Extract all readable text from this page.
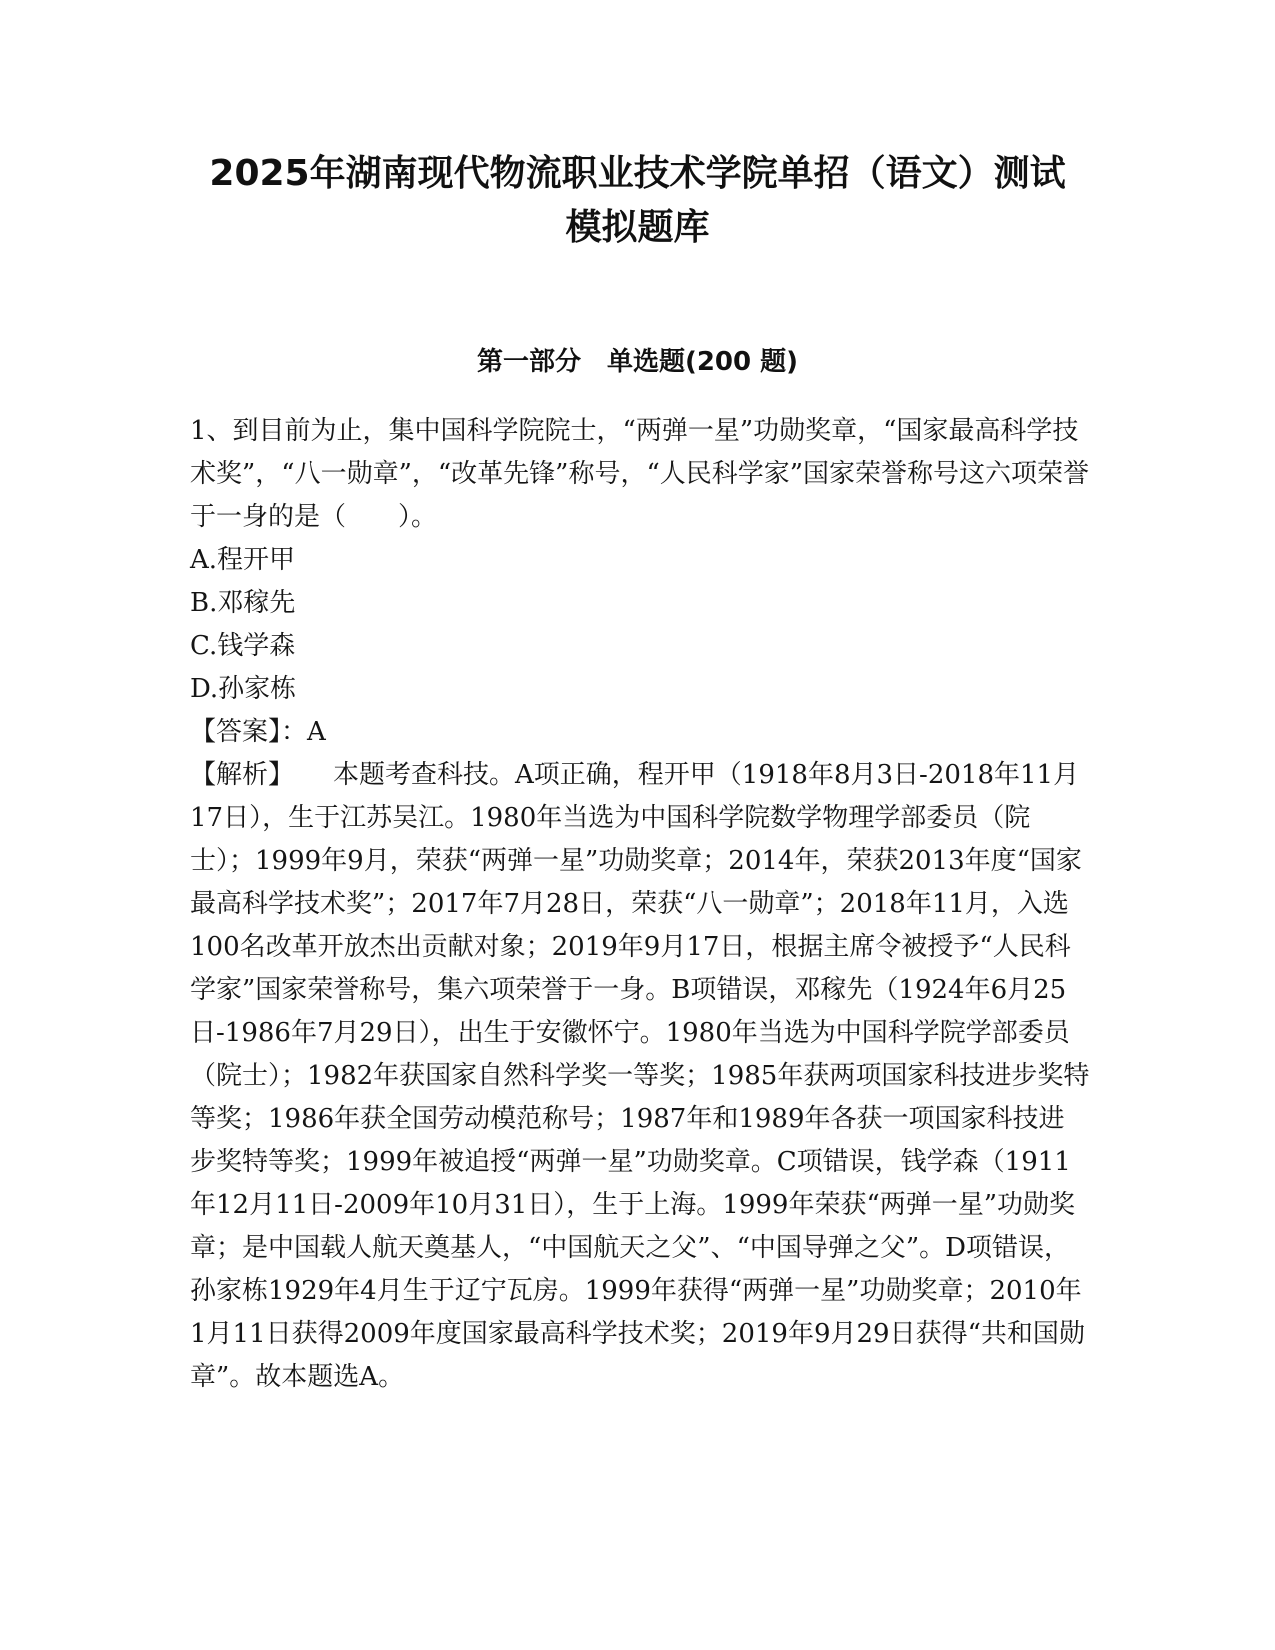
2025年湖南现代物流职业技术学院单招（语文）测试
模拟题库
第一部分　单选题(200 题)

1、到目前为止，集中国科学院院士，“两弹一星”功勋奖章，“国家最高科学技术奖”，“八一勋章”，“改革先锋”称号，“人民科学家”国家荣誉称号这六项荣誉于一身的是（　　）。

A.程开甲
B.邓稼先
C.钱学森
D.孙家栋

【答案】：A

【解析】   本题考查科技。A项正确，程开甲（1918年8月3日-2018年11月17日），生于江苏吴江。1980年当选为中国科学院数学物理学部委员（院士）；1999年9月，荣获“两弹一星”功勋奖章；2014年，荣获2013年度“国家最高科学技术奖”；2017年7月28日，荣获“八一勋章”；2018年11月，入选100名改革开放杰出贡献对象；2019年9月17日，根据主席令被授予“人民科学家”国家荣誉称号，集六项荣誉于一身。B项错误，邓稼先（1924年6月25日-1986年7月29日），出生于安徽怀宁。1980年当选为中国科学院学部委员（院士）；1982年获国家自然科学奖一等奖；1985年获两项国家科技进步奖特等奖；1986年获全国劳动模范称号；1987年和1989年各获一项国家科技进步奖特等奖；1999年被追授“两弹一星”功勋奖章。C项错误，钱学森（1911年12月11日-2009年10月31日），生于上海。1999年荣获“两弹一星”功勋奖章；是中国载人航天奠基人，“中国航天之父”、“中国导弹之父”。D项错误，孙家栋1929年4月生于辽宁瓦房。1999年获得“两弹一星”功勋奖章；2010年1月11日获得2009年度国家最高科学技术奖；2019年9月29日获得“共和国勋章”。故本题选A。
